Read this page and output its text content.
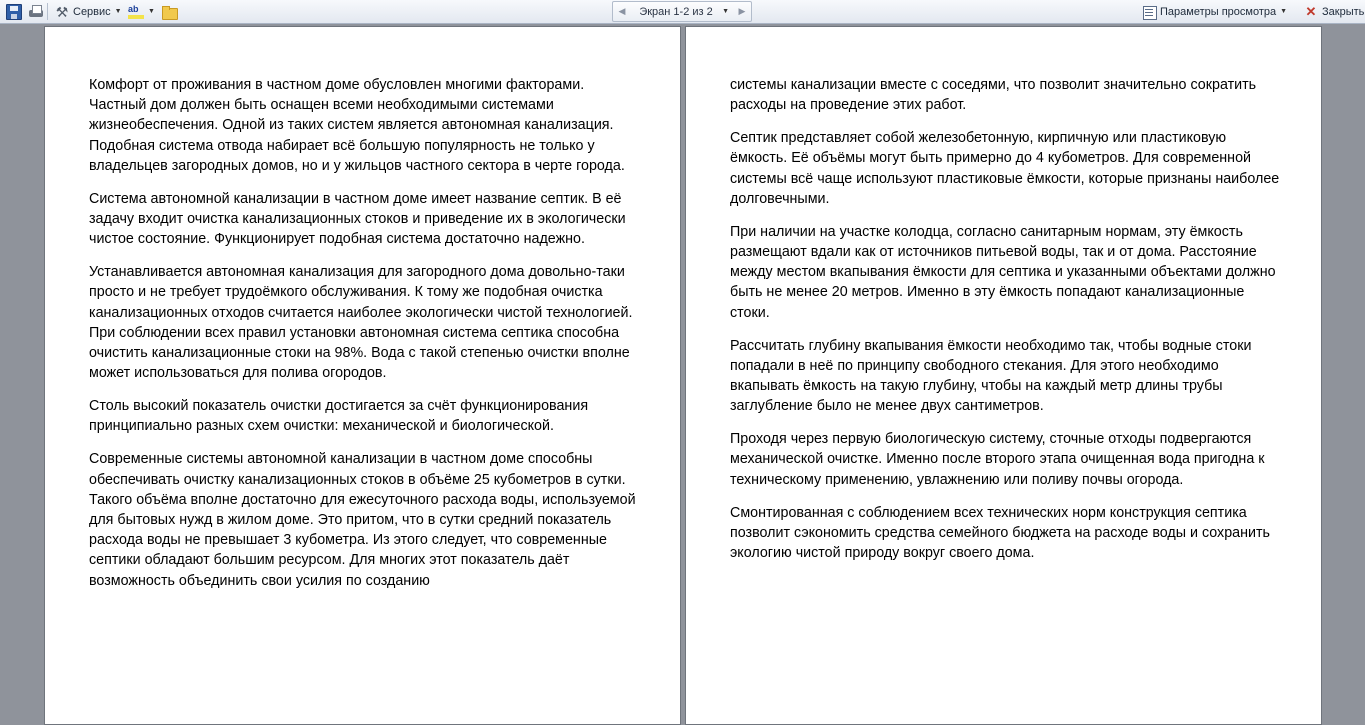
⚒ Сервис ▼ ab	▼	◀	Экран 1-2 из 2	▼	▶	Параметры просмотра ▼ ✕ Закрыть

Комфорт от проживания в частном доме обусловлен многими факторами. Частный дом должен быть оснащен всеми необходимыми системами жизнеобеспечения. Одной из таких систем является автономная канализация. Подобная система отвода набирает всё большую популярность не только у владельцев загородных домов, но и у жильцов частного сектора в черте города.

Система автономной канализации в частном доме имеет название септик. В её задачу входит очистка канализационных стоков и приведение их в экологически чистое состояние. Функционирует подобная система достаточно надежно.

Устанавливается автономная канализация для загородного дома довольно-таки просто и не требует трудоёмкого обслуживания. К тому же подобная очистка канализационных отходов считается наиболее экологически чистой технологией. При соблюдении всех правил установки автономная система септика способна очистить канализационные стоки на 98%. Вода с такой степенью очистки вполне может использоваться для полива огородов.

Столь высокий показатель очистки достигается за счёт функционирования принципиально разных схем очистки: механической и биологической.

Современные системы автономной канализации в частном доме способны обеспечивать очистку канализационных стоков в объёме 25 кубометров в сутки. Такого объёма вполне достаточно для ежесуточного расхода воды, используемой для бытовых нужд в жилом доме. Это притом, что в сутки средний показатель расхода воды не превышает 3 кубометра. Из этого следует, что современные септики обладают большим ресурсом. Для многих этот показатель даёт возможность объединить свои усилия по созданию

системы канализации вместе с соседями, что позволит значительно сократить расходы на проведение этих работ.

Септик представляет собой железобетонную, кирпичную или пластиковую ёмкость. Её объёмы могут быть примерно до 4 кубометров. Для современной системы всё чаще используют пластиковые ёмкости, которые признаны наиболее долговечными.

При наличии на участке колодца, согласно санитарным нормам, эту ёмкость размещают вдали как от источников питьевой воды, так и от дома. Расстояние между местом вкапывания ёмкости для септика и указанными объектами должно быть не менее 20 метров. Именно в эту ёмкость попадают канализационные стоки.

Рассчитать глубину вкапывания ёмкости необходимо так, чтобы водные стоки попадали в неё по принципу свободного стекания. Для этого необходимо вкапывать ёмкость на такую глубину, чтобы на каждый метр длины трубы заглубление было не менее двух сантиметров.

Проходя через первую биологическую систему, сточные отходы подвергаются механической очистке. Именно после второго этапа очищенная вода пригодна к техническому применению, увлажнению или поливу почвы огорода.

Смонтированная с соблюдением всех технических норм конструкция септика позволит сэкономить средства семейного бюджета на расходе воды и сохранить экологию чистой природу вокруг своего дома.
